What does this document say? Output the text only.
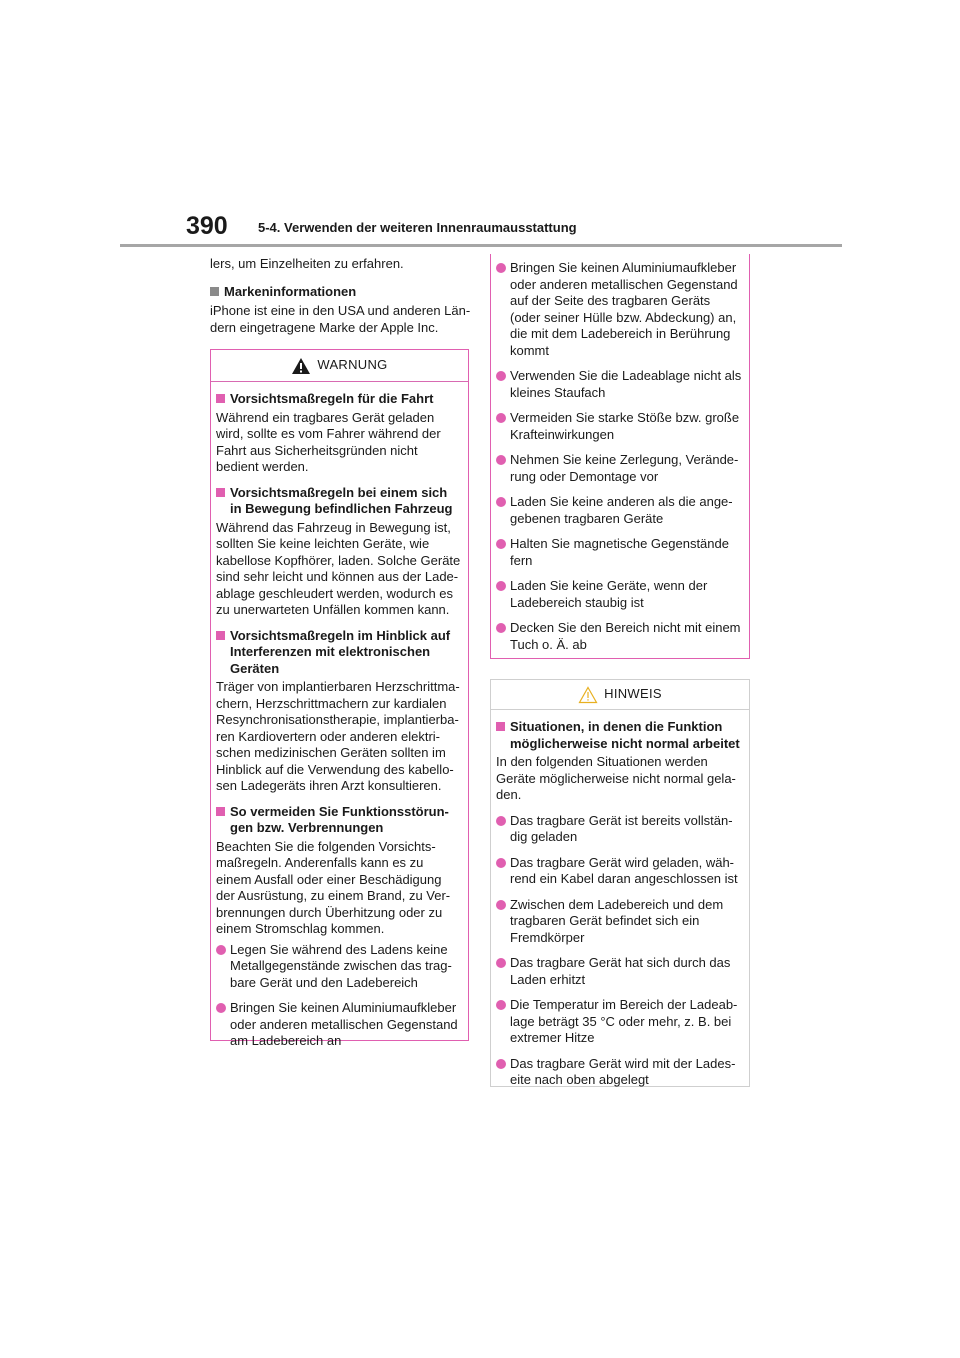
390 5-4. Verwenden der weiteren Innenraumausstattung

lers, um Einzelheiten zu erfahren.

Markeninformationen

iPhone ist eine in den USA und anderen Län-dern eingetragene Marke der Apple Inc.

WARNUNG
Vorsichtsmaßregeln für die Fahrt
Während ein tragbares Gerät geladen wird, sollte es vom Fahrer während der Fahrt aus Sicherheitsgründen nicht bedient werden.
Vorsichtsmaßregeln bei einem sich in Bewegung befindlichen Fahrzeug
Während das Fahrzeug in Bewegung ist, sollten Sie keine leichten Geräte, wie kabellose Kopfhörer, laden. Solche Geräte sind sehr leicht und können aus der Lade-ablage geschleudert werden, wodurch es zu unerwarteten Unfällen kommen kann.
Vorsichtsmaßregeln im Hinblick auf Interferenzen mit elektronischen Geräten
Träger von implantierbaren Herzschrittma-chern, Herzschrittmachern zur kardialen Resynchronisationstherapie, implantierba-ren Kardiovertern oder anderen elektri-schen medizinischen Geräten sollten im Hinblick auf die Verwendung des kabello-sen Ladegeräts ihren Arzt konsultieren.
So vermeiden Sie Funktionsstörun-gen bzw. Verbrennungen
Beachten Sie die folgenden Vorsichts-maßregeln. Anderenfalls kann es zu einem Ausfall oder einer Beschädigung der Ausrüstung, zu einem Brand, zu Ver-brennungen durch Überhitzung oder zu einem Stromschlag kommen.
Legen Sie während des Ladens keine Metallgegenstände zwischen das trag-bare Gerät und den Ladebereich
Bringen Sie keinen Aluminiumaufkleber oder anderen metallischen Gegenstand am Ladebereich an
Bringen Sie keinen Aluminiumaufkleber oder anderen metallischen Gegenstand auf der Seite des tragbaren Geräts (oder seiner Hülle bzw. Abdeckung) an, die mit dem Ladebereich in Berührung kommt
Verwenden Sie die Ladeablage nicht als kleines Staufach
Vermeiden Sie starke Stöße bzw. große Krafteinwirkungen
Nehmen Sie keine Zerlegung, Verände-rung oder Demontage vor
Laden Sie keine anderen als die ange-gebenen tragbaren Geräte
Halten Sie magnetische Gegenstände fern
Laden Sie keine Geräte, wenn der Ladebereich staubig ist
Decken Sie den Bereich nicht mit einem Tuch o. Ä. ab
HINWEIS
Situationen, in denen die Funktion möglicherweise nicht normal arbeitet
In den folgenden Situationen werden Geräte möglicherweise nicht normal gela-den.
Das tragbare Gerät ist bereits vollstän-dig geladen
Das tragbare Gerät wird geladen, wäh-rend ein Kabel daran angeschlossen ist
Zwischen dem Ladebereich und dem tragbaren Gerät befindet sich ein Fremdkörper
Das tragbare Gerät hat sich durch das Laden erhitzt
Die Temperatur im Bereich der Ladeab-lage beträgt 35 °C oder mehr, z. B. bei extremer Hitze
Das tragbare Gerät wird mit der Lades-eite nach oben abgelegt
